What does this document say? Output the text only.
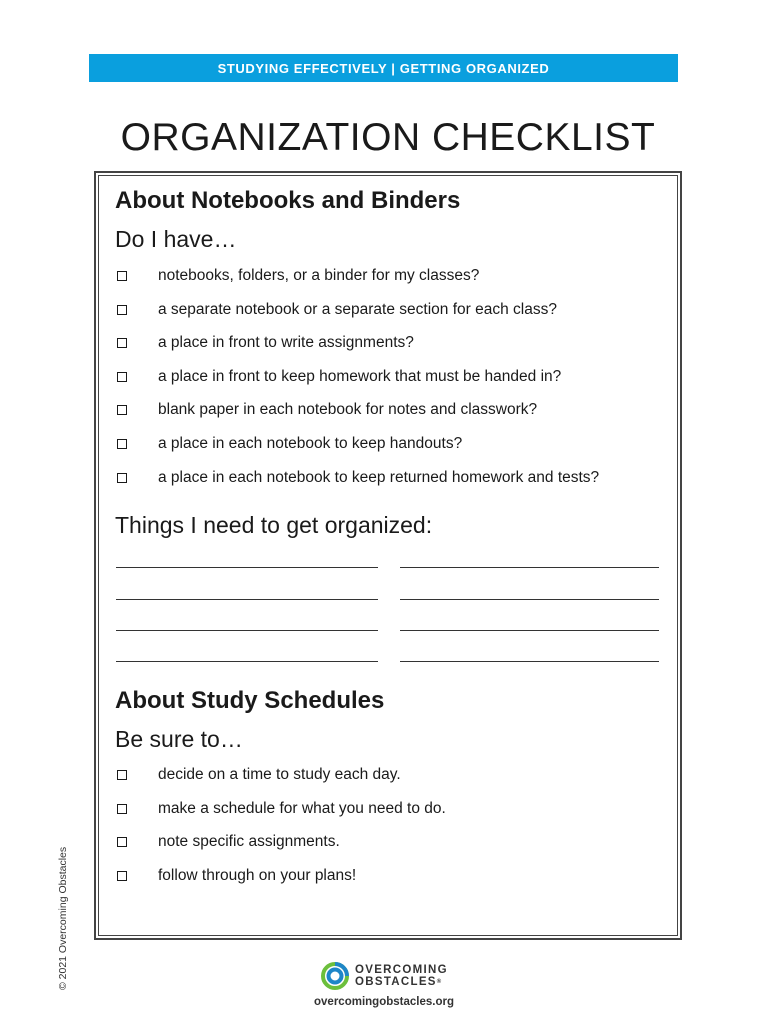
STUDYING EFFECTIVELY | GETTING ORGANIZED
ORGANIZATION CHECKLIST
About Notebooks and Binders
Do I have…
notebooks, folders, or a binder for my classes?
a separate notebook or a separate section for each class?
a place in front to write assignments?
a place in front to keep homework that must be handed in?
blank paper in each notebook for notes and classwork?
a place in each notebook to keep handouts?
a place in each notebook to keep returned homework and tests?
Things I need to get organized:
About Study Schedules
Be sure to…
decide on a time to study each day.
make a schedule for what you need to do.
note specific assignments.
follow through on your plans!
© 2021 Overcoming Obstacles	OVERCOMING
OBSTACLES®
overcomingobstacles.org
